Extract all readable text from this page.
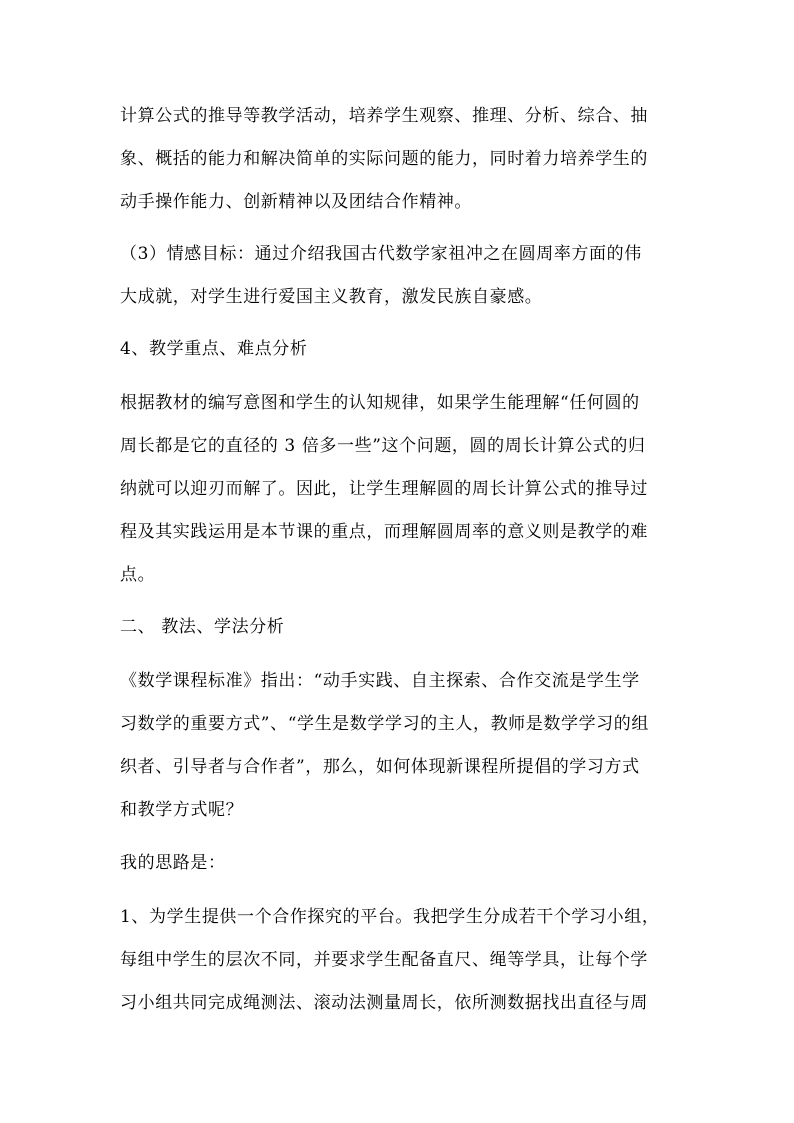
计算公式的推导等教学活动，培养学生观察、推理、分析、综合、抽
象、概括的能力和解决简单的实际问题的能力，同时着力培养学生的
动手操作能力、创新精神以及团结合作精神。
（3）情感目标：通过介绍我国古代数学家祖冲之在圆周率方面的伟
大成就，对学生进行爱国主义教育，激发民族自豪感。
4、教学重点、难点分析
根据教材的编写意图和学生的认知规律，如果学生能理解“任何圆的
周长都是它的直径的 3 倍多一些”这个问题，圆的周长计算公式的归
纳就可以迎刃而解了。因此，让学生理解圆的周长计算公式的推导过
程及其实践运用是本节课的重点，而理解圆周率的意义则是教学的难
点。
二、 教法、学法分析
《数学课程标准》指出：“动手实践、自主探索、合作交流是学生学
习数学的重要方式”、“学生是数学学习的主人，教师是数学学习的组
织者、引导者与合作者”，那么，如何体现新课程所提倡的学习方式
和教学方式呢？
我的思路是：
1、为学生提供一个合作探究的平台。我把学生分成若干个学习小组，
每组中学生的层次不同，并要求学生配备直尺、绳等学具，让每个学
习小组共同完成绳测法、滚动法测量周长，依所测数据找出直径与周
